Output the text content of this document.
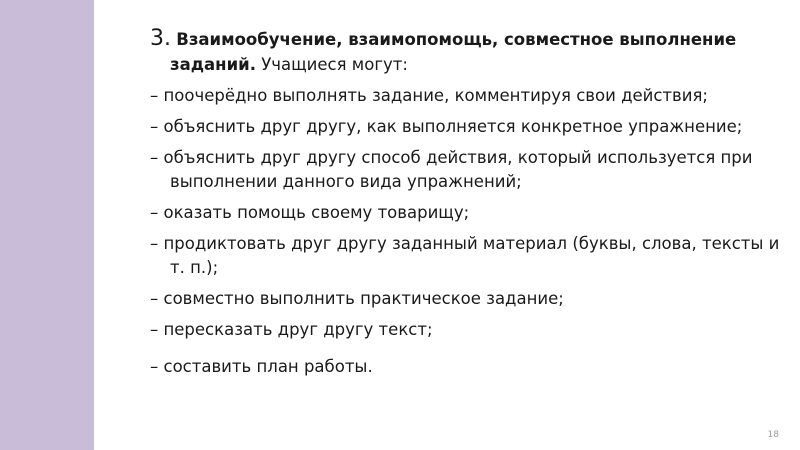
3. Взаимообучение, взаимопомощь, совместное выполнение заданий. Учащиеся могут:

– поочерёдно выполнять задание, комментируя свои действия;

– объяснить друг другу, как выполняется конкретное упражнение;

– объяснить друг другу способ действия, который используется при выполнении данного вида упражнений;

– оказать помощь своему товарищу;

– продиктовать друг другу заданный материал (буквы, слова, тексты и т. п.);

– совместно выполнить практическое задание;

– пересказать друг другу текст;

– составить план работы.

18
